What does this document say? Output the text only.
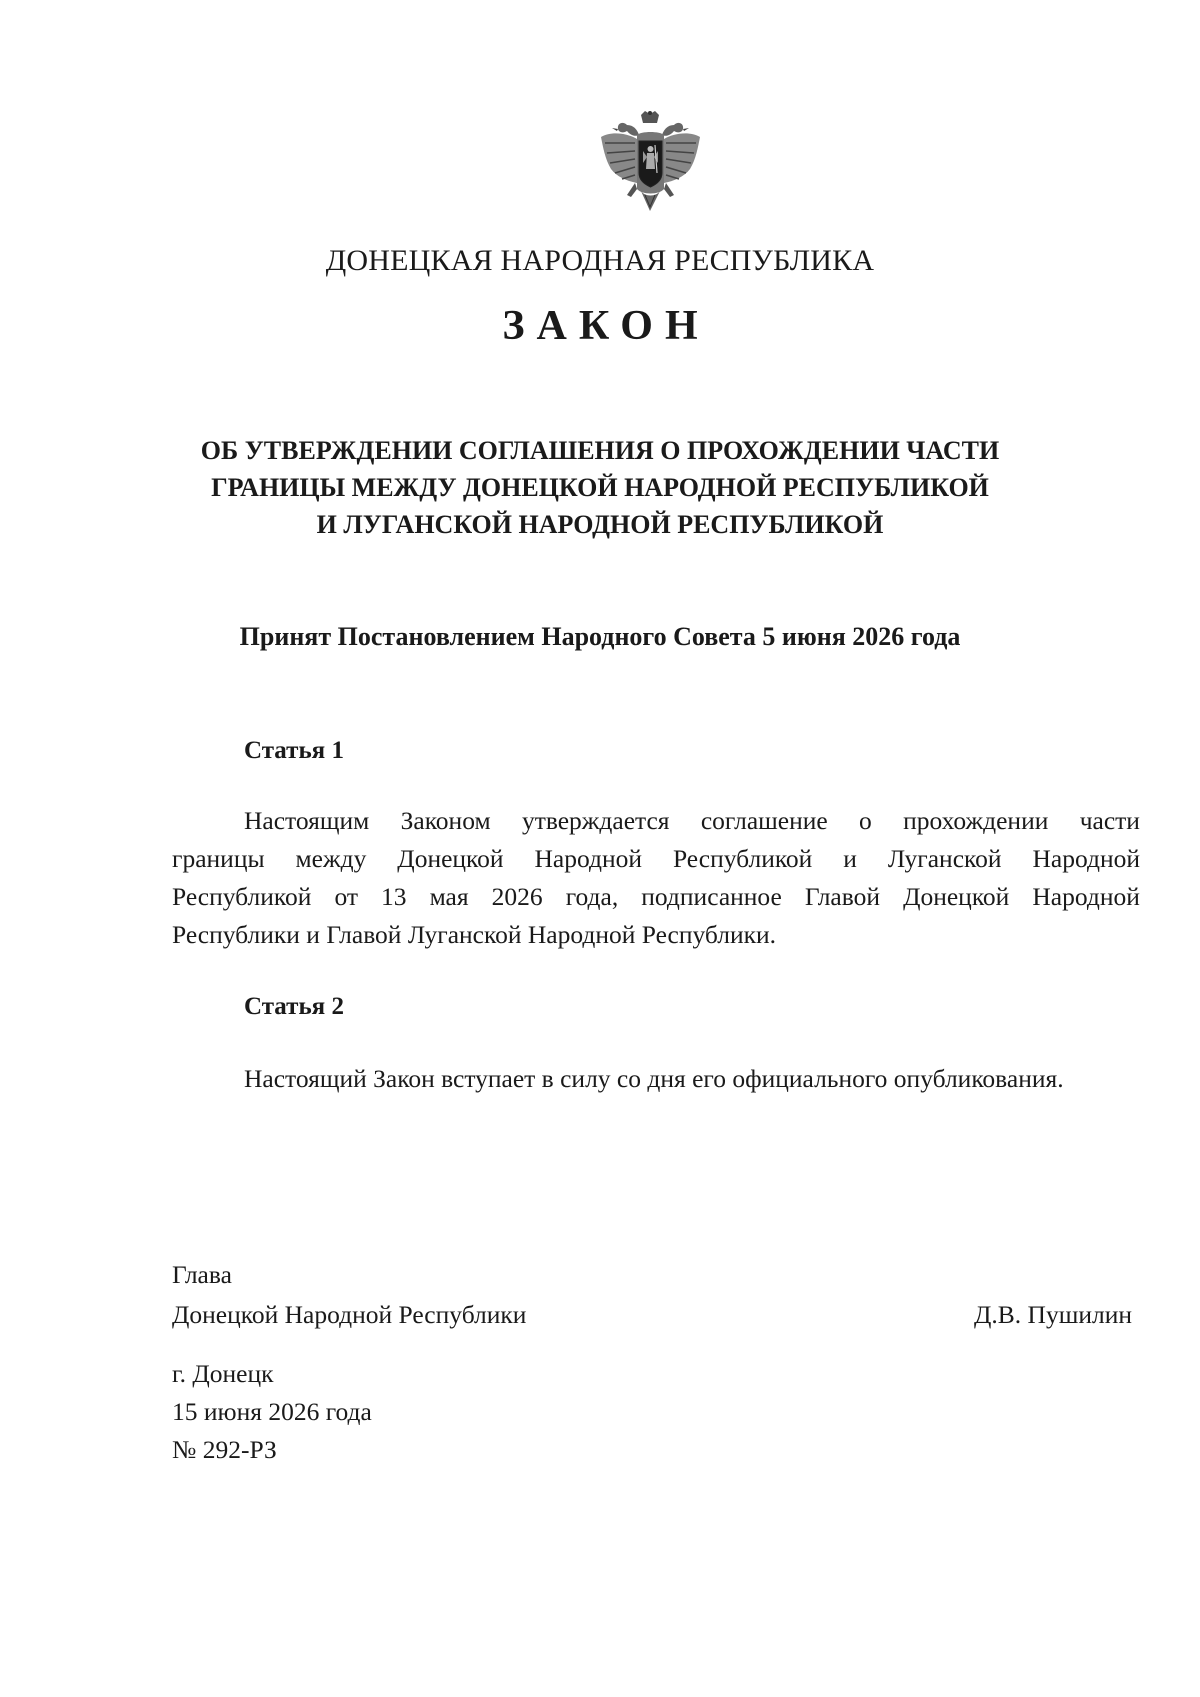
ДОНЕЦКАЯ НАРОДНАЯ РЕСПУБЛИКА
ЗАКОН
ОБ УТВЕРЖДЕНИИ СОГЛАШЕНИЯ О ПРОХОЖДЕНИИ ЧАСТИ
ГРАНИЦЫ МЕЖДУ ДОНЕЦКОЙ НАРОДНОЙ РЕСПУБЛИКОЙ
И ЛУГАНСКОЙ НАРОДНОЙ РЕСПУБЛИКОЙ
Принят Постановлением Народного Совета 5 июня 2026 года
Статья 1
Настоящим Законом утверждается соглашение о прохождении части
границы между Донецкой Народной Республикой и Луганской Народной
Республикой от 13 мая 2026 года, подписанное Главой Донецкой Народной
Республики и Главой Луганской Народной Республики.
Статья 2
Настоящий Закон вступает в силу со дня его официального опубликования.
Глава
Донецкой Народной Республики	Д.В. Пушилин
г. Донецк
15 июня 2026 года
№ 292-РЗ
